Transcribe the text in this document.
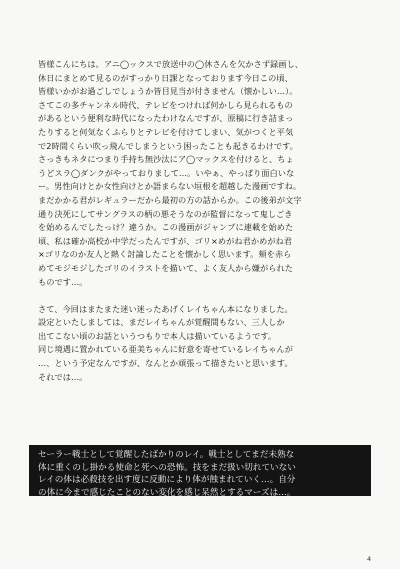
皆様こんにちは。アニ◯ックスで放送中の◯休さんを欠かさず録画し、

休日にまとめて見るのがすっかり日課となっております今日この頃、

皆様いかがお過ごしでしょうか皆目見当が付きません（懐かしい…）。

さてこの多チャンネル時代、テレビをつければ何かしら見られるもの

があるという便利な時代になったわけなんですが、原稿に行き詰まっ

たりすると何気なくふらりとテレビを付けてしまい、気がつくと平気

で2時間くらい吹っ飛んでしまうという困ったことも起きるわけです。

さっきもネタにつまり手持ち無沙汰にア◯マックスを付けると、ちょ

うどスラ◯ダンクがやっておりまして…。いやぁ、やっぱり面白いな

ー。男性向けとか女性向けとか語まらない垣根を超越した漫画ですね。

まだかかる君がレギュラーだから最初の方の話からか。この後弟が文字

通り決死にしてサングラスの柄の悪そうなのが監督になって鬼しごき

を始めるんでしたっけ？違うか。この漫画がジャンプに連載を始めた

頃、私は確か高校か中学だったんですが、ゴリ×めがね君かめがね君

×ゴリなのか友人と熱く討論したことを懐かしく思います。頬を赤ら

めてモジモジしたゴリのイラストを描いて、よく友人から嫌がられた

ものです…。

さて、今回はまたまた迷い迷ったあげくレイちゃん本になりました。

設定といたしましては、まだレイちゃんが覚醒間もない、三人しか

出てこない頃のお話というつもりで本人は描いているようです。

同じ境遇に置かれている亜美ちゃんに好意を寄せているレイちゃんが

…、という予定なんですが、なんとか頑張って描きたいと思います。

それでは…。

セーラー戦士として覚醒したばかりのレイ。戦士としてまだ未熟な

体に重くのし掛かる使命と死への恐怖。技をまだ扱い切れていない

レイの体は必殺技を出す度に反動により体が蝕まれていく…。自分

の体に今まで感じたことのない変化を感じ呆然とするマーズは…。

4
